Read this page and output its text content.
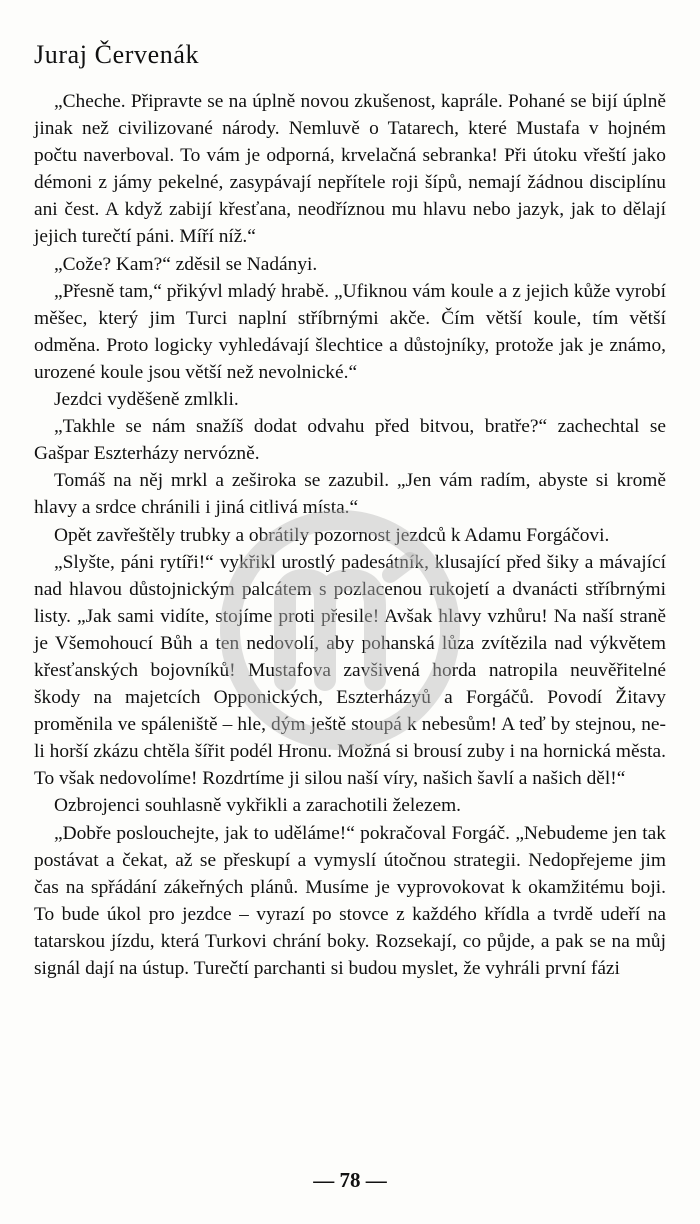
Juraj Červenák

„Cheche. Připravte se na úplně novou zkušenost, kaprále. Pohané se bijí úplně jinak než civilizované národy. Nemluvě o Tatarech, které Mustafa v hojném počtu naverboval. To vám je odporná, krvelačná sebranka! Při útoku vřeští jako démoni z jámy pekelné, zasypávají nepřítele roji šípů, nemají žádnou disciplínu ani čest. A když zabijí křesťana, neodříznou mu hlavu nebo jazyk, jak to dělají jejich turečtí páni. Míří níž.“

„Cože? Kam?“ zděsil se Nadányi.

„Přesně tam,“ přikývl mladý hrabě. „Ufiknou vám koule a z jejich kůže vyrobí měšec, který jim Turci naplní stříbrnými akče. Čím větší koule, tím větší odměna. Proto logicky vyhledávají šlechtice a důstojníky, protože jak je známo, urozené koule jsou větší než nevolnické.“

Jezdci vyděšeně zmlkli.

„Takhle se nám snažíš dodat odvahu před bitvou, bratře?“ zachechtal se Gašpar Eszterházy nervózně.

Tomáš na něj mrkl a zeširoka se zazubil. „Jen vám radím, abyste si kromě hlavy a srdce chránili i jiná citlivá místa.“

Opět zavřeštěly trubky a obrátily pozornost jezdců k Adamu Forgáčovi.

„Slyšte, páni rytíři!“ vykřikl urostlý padesátník, klusající před šiky a mávající nad hlavou důstojnickým palcátem s pozlacenou rukojetí a dvanácti stříbrnými listy. „Jak sami vidíte, stojíme proti přesile! Avšak hlavy vzhůru! Na naší straně je Všemohoucí Bůh a ten nedovolí, aby pohanská lůza zvítězila nad výkvětem křesťanských bojovníků! Mustafova zavšivená horda natropila neuvěřitelné škody na majetcích Opponických, Eszterházyů a Forgáčů. Povodí Žitavy proměnila ve spáleniště – hle, dým ještě stoupá k nebesům! A teď by stejnou, ne-li horší zkázu chtěla šířit podél Hronu. Možná si brousí zuby i na hornická města. To však nedovolíme! Rozdrtíme ji silou naší víry, našich šavlí a našich děl!“

Ozbrojenci souhlasně vykřikli a zarachotili železem.

„Dobře poslouchejte, jak to uděláme!“ pokračoval Forgáč. „Nebudeme jen tak postávat a čekat, až se přeskupí a vymyslí útočnou strategii. Nedopřejeme jim čas na spřádání zákeřných plánů. Musíme je vyprovokovat k okamžitému boji. To bude úkol pro jezdce – vyrazí po stovce z každého křídla a tvrdě udeří na tatarskou jízdu, která Turkovi chrání boky. Rozsekají, co půjde, a pak se na můj signál dají na ústup. Turečtí parchanti si budou myslet, že vyhráli první fázi

— 78 —
